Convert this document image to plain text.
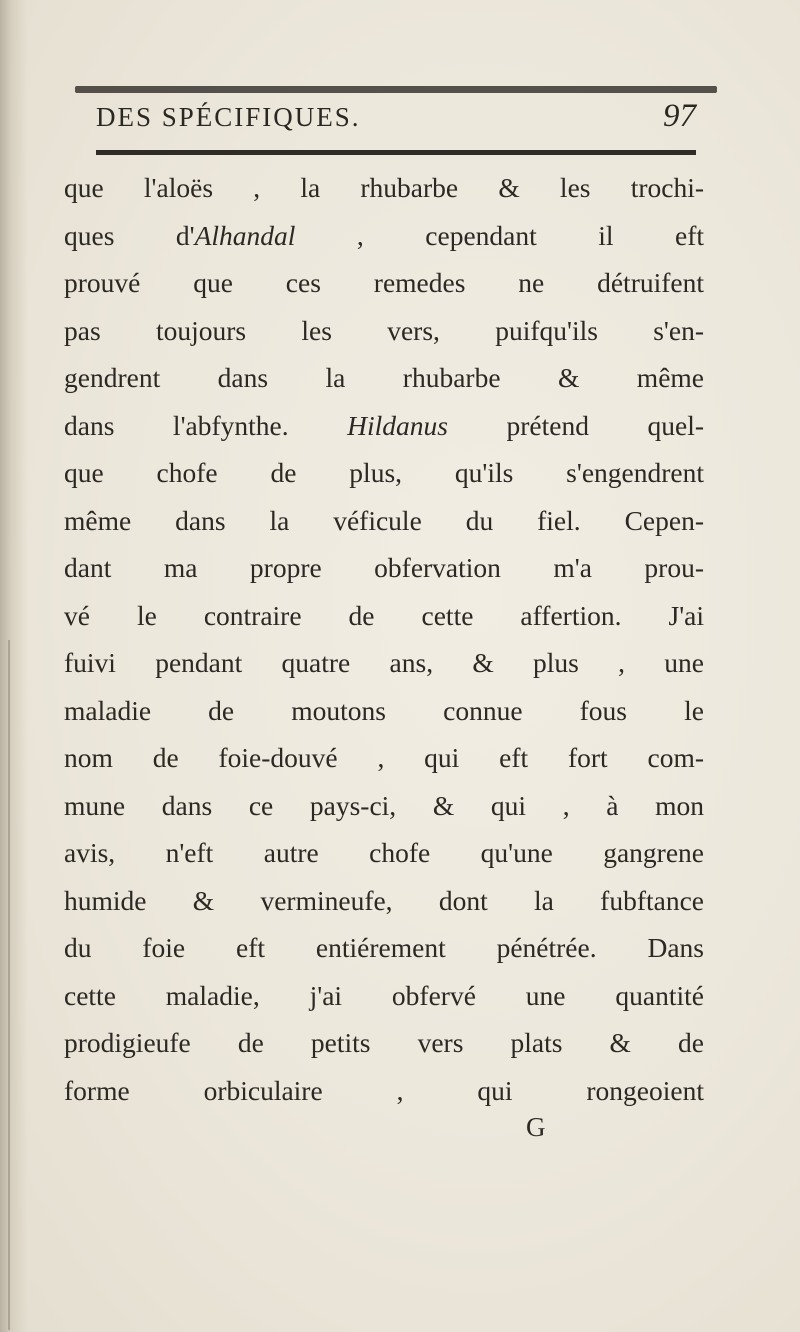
DES SPÉCIFIQUES.	97
que l'aloës , la rhubarbe & les trochi-
ques d'Alhandal , cependant il eft
prouvé que ces remedes ne détruifent
pas toujours les vers, puifqu'ils s'en-
gendrent dans la rhubarbe & même
dans l'abfynthe. Hildanus prétend quel-
que chofe de plus, qu'ils s'engendrent
même dans la véficule du fiel. Cepen-
dant ma propre obfervation m'a prou-
vé le contraire de cette affertion. J'ai
fuivi pendant quatre ans, & plus , une
maladie de moutons connue fous le
nom de foie-douvé , qui eft fort com-
mune dans ce pays-ci, & qui , à mon
avis, n'eft autre chofe qu'une gangrene
humide & vermineufe, dont la fubftance
du foie eft entiérement pénétrée. Dans
cette maladie, j'ai obfervé une quantité
prodigieufe de petits vers plats & de
forme orbiculaire , qui rongeoient
G
